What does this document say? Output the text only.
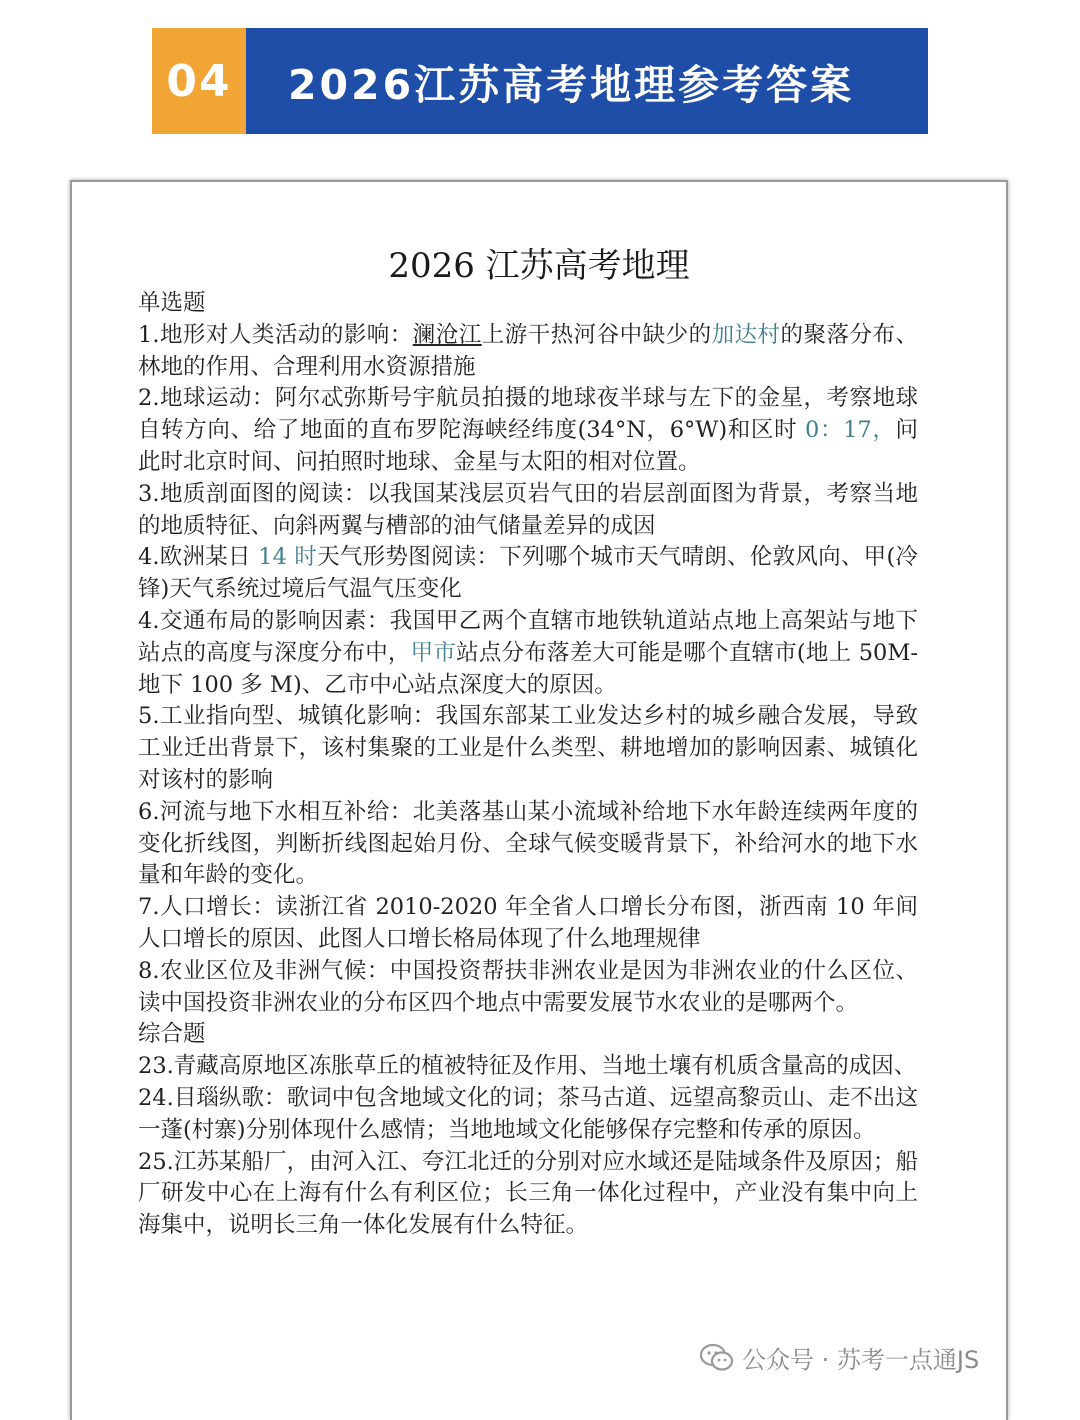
04	2026江苏高考地理参考答案
2026 江苏高考地理

单选题

1.地形对人类活动的影响：澜沧江上游干热河谷中缺少的加达村的聚落分布、林地的作用、合理利用水资源措施

2.地球运动：阿尔忒弥斯号宇航员拍摄的地球夜半球与左下的金星，考察地球自转方向、给了地面的直布罗陀海峡经纬度(34°N，6°W)和区时 0：17，问此时北京时间、问拍照时地球、金星与太阳的相对位置。

3.地质剖面图的阅读：以我国某浅层页岩气田的岩层剖面图为背景，考察当地的地质特征、向斜两翼与槽部的油气储量差异的成因

4.欧洲某日 14 时天气形势图阅读：下列哪个城市天气晴朗、伦敦风向、甲(冷锋)天气系统过境后气温气压变化

4.交通布局的影响因素：我国甲乙两个直辖市地铁轨道站点地上高架站与地下站点的高度与深度分布中，甲市站点分布落差大可能是哪个直辖市(地上 50M-地下 100 多 M)、乙市中心站点深度大的原因。

5.工业指向型、城镇化影响：我国东部某工业发达乡村的城乡融合发展，导致工业迁出背景下，该村集聚的工业是什么类型、耕地增加的影响因素、城镇化对该村的影响

6.河流与地下水相互补给：北美落基山某小流域补给地下水年龄连续两年度的变化折线图，判断折线图起始月份、全球气候变暖背景下，补给河水的地下水量和年龄的变化。

7.人口增长：读浙江省 2010-2020 年全省人口增长分布图，浙西南 10 年间人口增长的原因、此图人口增长格局体现了什么地理规律

8.农业区位及非洲气候：中国投资帮扶非洲农业是因为非洲农业的什么区位、读中国投资非洲农业的分布区四个地点中需要发展节水农业的是哪两个。

综合题

23.青藏高原地区冻胀草丘的植被特征及作用、当地土壤有机质含量高的成因、

24.目瑙纵歌：歌词中包含地域文化的词；茶马古道、远望高黎贡山、走不出这一蓬(村寨)分别体现什么感情；当地地域文化能够保存完整和传承的原因。

25.江苏某船厂，由河入江、夸江北迁的分别对应水域还是陆域条件及原因；船厂研发中心在上海有什么有利区位；长三角一体化过程中，产业没有集中向上海集中，说明长三角一体化发展有什么特征。

公众号 · 苏考一点通JS
